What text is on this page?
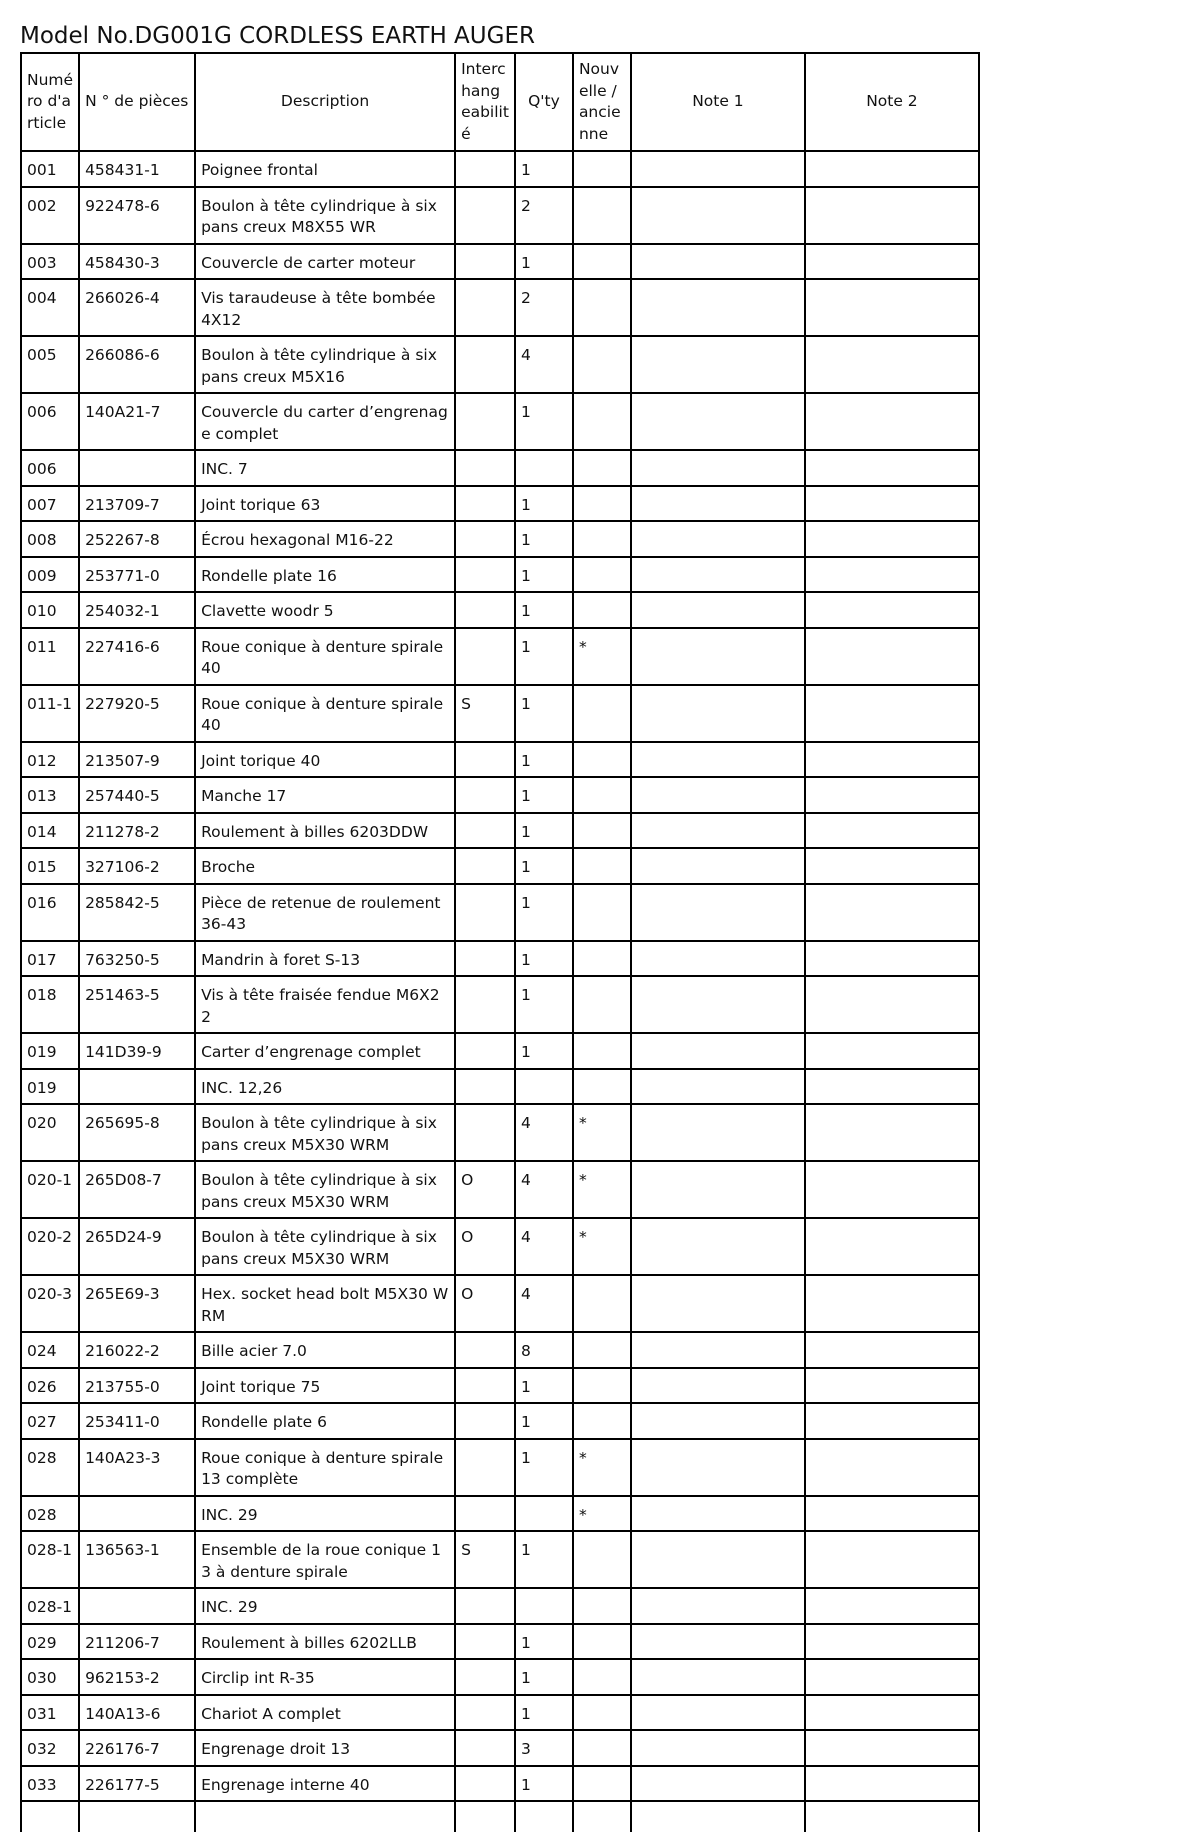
Model No.DG001G CORDLESS EARTH AUGER
Numé ro d'a rticle	N ° de pièces	Description	Interc hang eabilit é	Q'ty	Nouv elle / ancie nne	Note 1	Note 2
001	458431-1	Poignee frontal		1			
002	922478-6	Boulon à tête cylindrique à six pans creux M8X55 WR		2			
003	458430-3	Couvercle de carter moteur		1			
004	266026-4	Vis taraudeuse à tête bombée 4X12		2			
005	266086-6	Boulon à tête cylindrique à six pans creux M5X16		4			
006	140A21-7	Couvercle du carter d’engrenage complet		1			
006		INC. 7					
007	213709-7	Joint torique 63		1			
008	252267-8	Écrou hexagonal M16-22		1			
009	253771-0	Rondelle plate 16		1			
010	254032-1	Clavette woodr 5		1			
011	227416-6	Roue conique à denture spirale 40		1	*		
011-1	227920-5	Roue conique à denture spirale 40	S	1			
012	213507-9	Joint torique 40		1			
013	257440-5	Manche 17		1			
014	211278-2	Roulement à billes 6203DDW		1			
015	327106-2	Broche		1			
016	285842-5	Pièce de retenue de roulement 36-43		1			
017	763250-5	Mandrin à foret S-13		1			
018	251463-5	Vis à tête fraisée fendue M6X22		1			
019	141D39-9	Carter d’engrenage complet		1			
019		INC. 12,26					
020	265695-8	Boulon à tête cylindrique à six pans creux M5X30 WRM		4	*		
020-1	265D08-7	Boulon à tête cylindrique à six pans creux M5X30 WRM	O	4	*		
020-2	265D24-9	Boulon à tête cylindrique à six pans creux M5X30 WRM	O	4	*		
020-3	265E69-3	Hex. socket head bolt M5X30 WRM	O	4			
024	216022-2	Bille acier 7.0		8			
026	213755-0	Joint torique 75		1			
027	253411-0	Rondelle plate 6		1			
028	140A23-3	Roue conique à denture spirale 13 complète		1	*		
028		INC. 29			*		
028-1	136563-1	Ensemble de la roue conique 13 à denture spirale	S	1			
028-1		INC. 29					
029	211206-7	Roulement à billes 6202LLB		1			
030	962153-2	Circlip int R-35		1			
031	140A13-6	Chariot A complet		1			
032	226176-7	Engrenage droit 13		3			
033	226177-5	Engrenage interne 40		1			
